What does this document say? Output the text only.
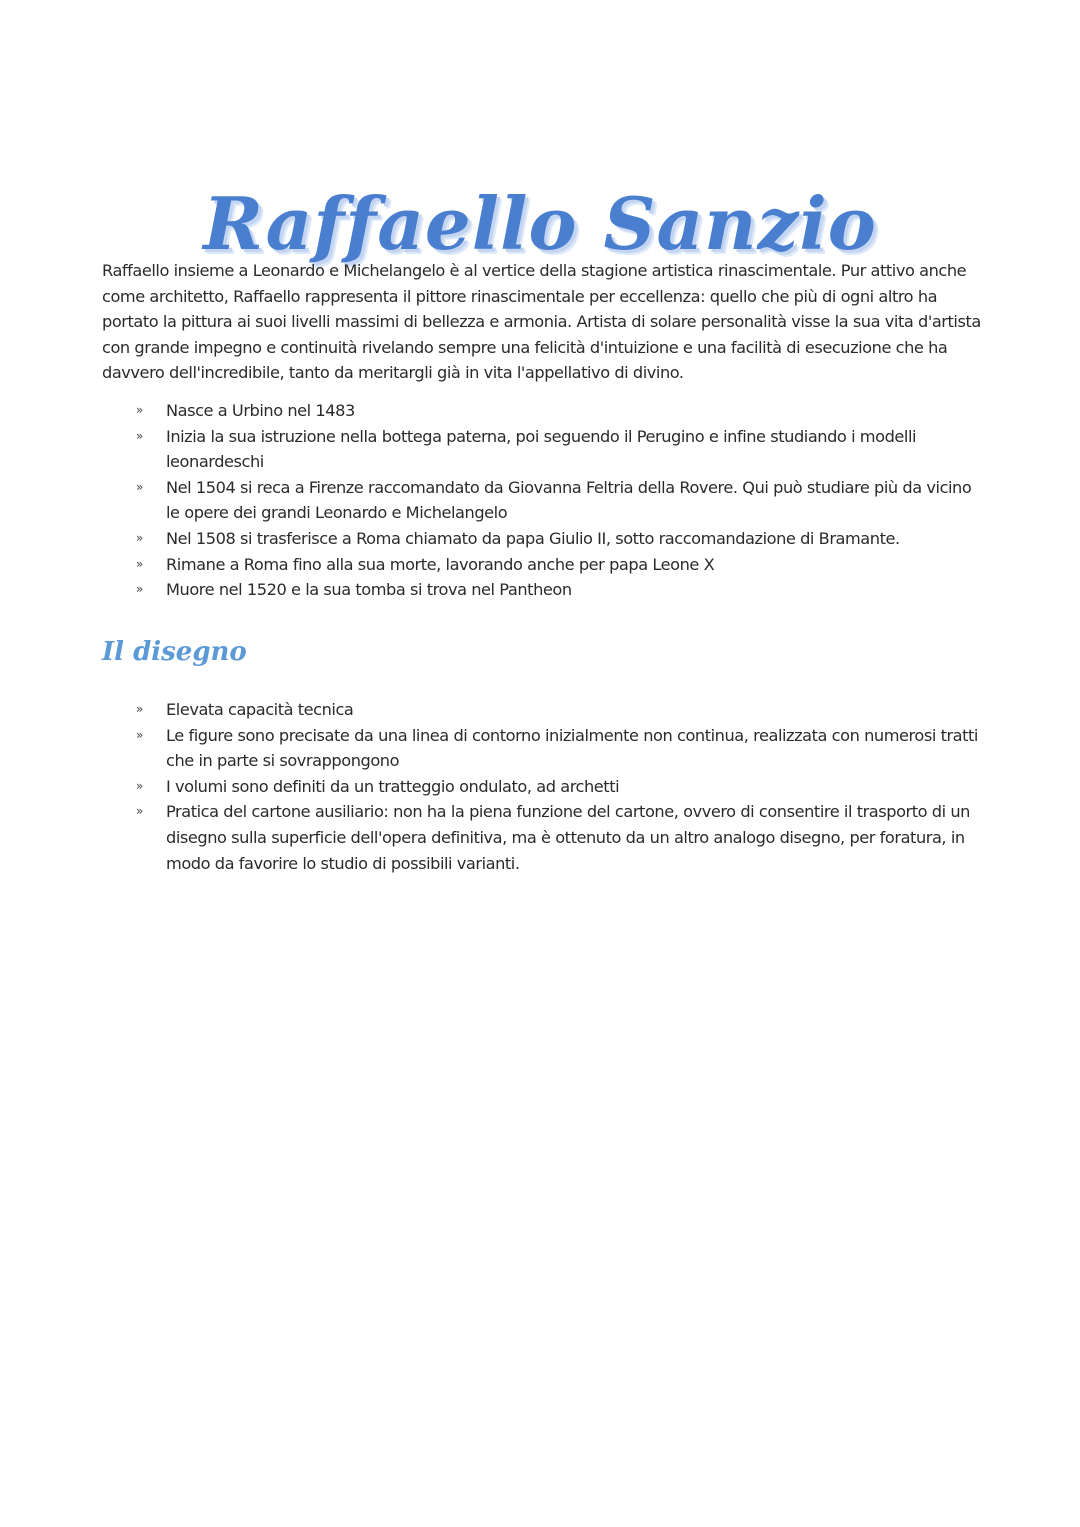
Raffaello Sanzio

Raffaello insieme a Leonardo e Michelangelo è al vertice della stagione artistica rinascimentale. Pur attivo anche come architetto, Raffaello rappresenta il pittore rinascimentale per eccellenza: quello che più di ogni altro ha portato la pittura ai suoi livelli massimi di bellezza e armonia. Artista di solare personalità visse la sua vita d'artista con grande impegno e continuità rivelando sempre una felicità d'intuizione e una facilità di esecuzione che ha davvero dell'incredibile, tanto da meritargli già in vita l'appellativo di divino.

» Nasce a Urbino nel 1483
» Inizia la sua istruzione nella bottega paterna, poi seguendo il Perugino e infine studiando i modelli leonardeschi
» Nel 1504 si reca a Firenze raccomandato da Giovanna Feltria della Rovere. Qui può studiare più da vicino le opere dei grandi Leonardo e Michelangelo
» Nel 1508 si trasferisce a Roma chiamato da papa Giulio II, sotto raccomandazione di Bramante.
» Rimane a Roma fino alla sua morte, lavorando anche per papa Leone X
» Muore nel 1520 e la sua tomba si trova nel Pantheon
Il disegno
» Elevata capacità tecnica
» Le figure sono precisate da una linea di contorno inizialmente non continua, realizzata con numerosi tratti che in parte si sovrappongono
» I volumi sono definiti da un tratteggio ondulato, ad archetti
» Pratica del cartone ausiliario: non ha la piena funzione del cartone, ovvero di consentire il trasporto di un disegno sulla superficie dell'opera definitiva, ma è ottenuto da un altro analogo disegno, per foratura, in modo da favorire lo studio di possibili varianti.
